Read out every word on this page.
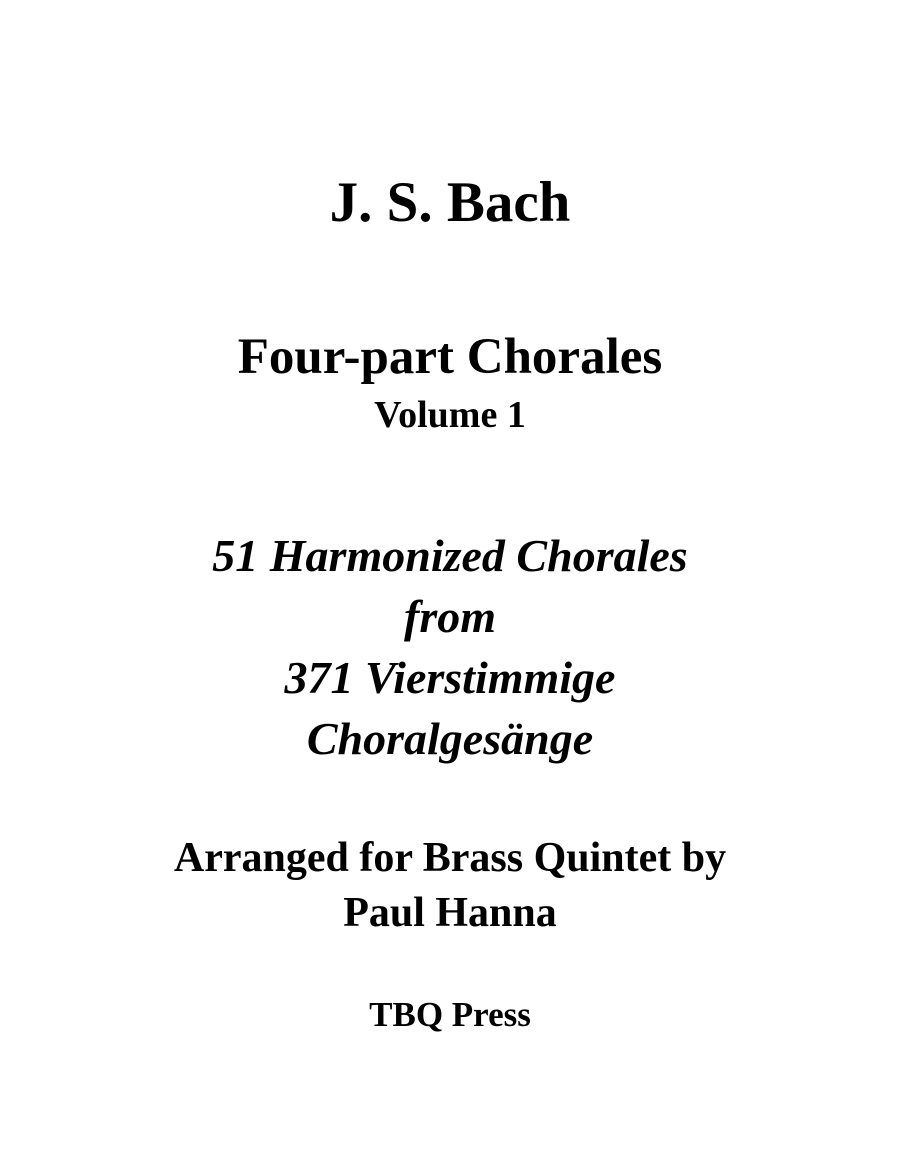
J. S. Bach
Four-part Chorales
Volume 1
51 Harmonized Chorales
from
371 Vierstimmige
Choralgesänge
Arranged for Brass Quintet by
Paul Hanna
TBQ Press
